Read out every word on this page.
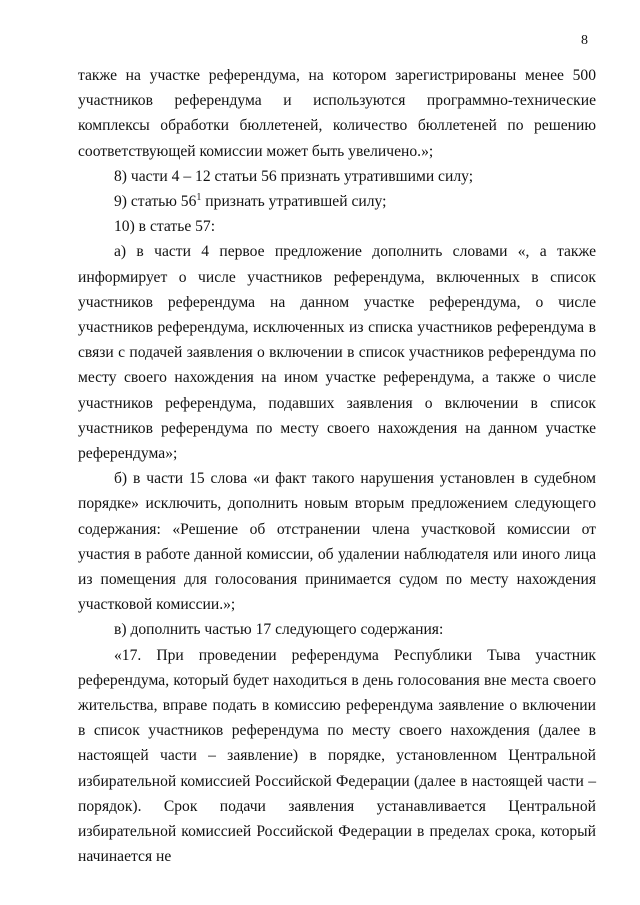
8

также на участке референдума, на котором зарегистрированы менее 500 участников референдума и используются программно-технические комплексы обработки бюллетеней, количество бюллетеней по решению соответствующей комиссии может быть увеличено.»;

8) части 4 – 12 статьи 56 признать утратившими силу;

9) статью $56^1$ признать утратившей силу;

10) в статье 57:

а) в части 4 первое предложение дополнить словами «, а также информирует о числе участников референдума, включенных в список участников референдума на данном участке референдума, о числе участников референдума, исключенных из списка участников референдума в связи с подачей заявления о включении в список участников референдума по месту своего нахождения на ином участке референдума, а также о числе участников референдума, подавших заявления о включении в список участников референдума по месту своего нахождения на данном участке референдума»;

б) в части 15 слова «и факт такого нарушения установлен в судебном порядке» исключить, дополнить новым вторым предложением следующего содержания: «Решение об отстранении члена участковой комиссии от участия в работе данной комиссии, об удалении наблюдателя или иного лица из помещения для голосования принимается судом по месту нахождения участковой комиссии.»;

в) дополнить частью 17 следующего содержания:

«17. При проведении референдума Республики Тыва участник референдума, который будет находиться в день голосования вне места своего жительства, вправе подать в комиссию референдума заявление о включении в список участников референдума по месту своего нахождения (далее в настоящей части – заявление) в порядке, установленном Центральной избирательной комиссией Российской Федерации (далее в настоящей части – порядок). Срок подачи заявления устанавливается Центральной избирательной комиссией Российской Федерации в пределах срока, который начинается не
